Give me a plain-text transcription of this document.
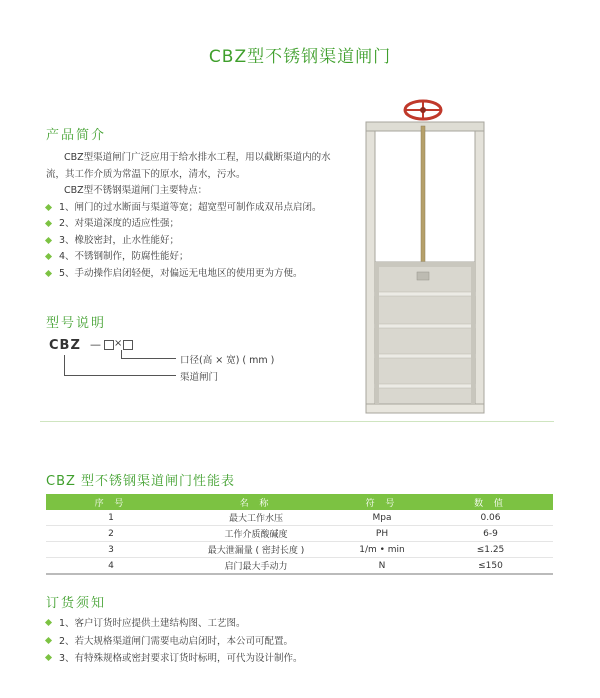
CBZ型不锈钢渠道闸门
产品简介

CBZ型渠道闸门广泛应用于给水排水工程，用以截断渠道内的水流，其工作介质为常温下的原水，清水，污水。

CBZ型不锈钢渠道闸门主要特点：

1、闸门的过水断面与渠道等宽；超宽型可制作成双吊点启闭。
2、对渠道深度的适应性强；
3、橡胶密封，止水性能好；
4、不锈钢制作，防腐性能好；
5、手动操作启闭轻便，对偏远无电地区的使用更为方便。
型号说明
CBZ — ×
口径(高 × 宽) ( mm )
渠道闸门
CBZ 型不锈钢渠道闸门性能表
序 号	名 称	符 号	数 值
1	最大工作水压	Mpa	0.06
2	工作介质酸碱度	PH	6-9
3	最大泄漏量 ( 密封长度 )	1/m • min	≤1.25
4	启门最大手动力	N	≤150
订货须知
1、客户订货时应提供土建结构图、工艺图。
2、若大规格渠道闸门需要电动启闭时，本公司可配置。
3、有特殊规格或密封要求订货时标明，可代为设计制作。
